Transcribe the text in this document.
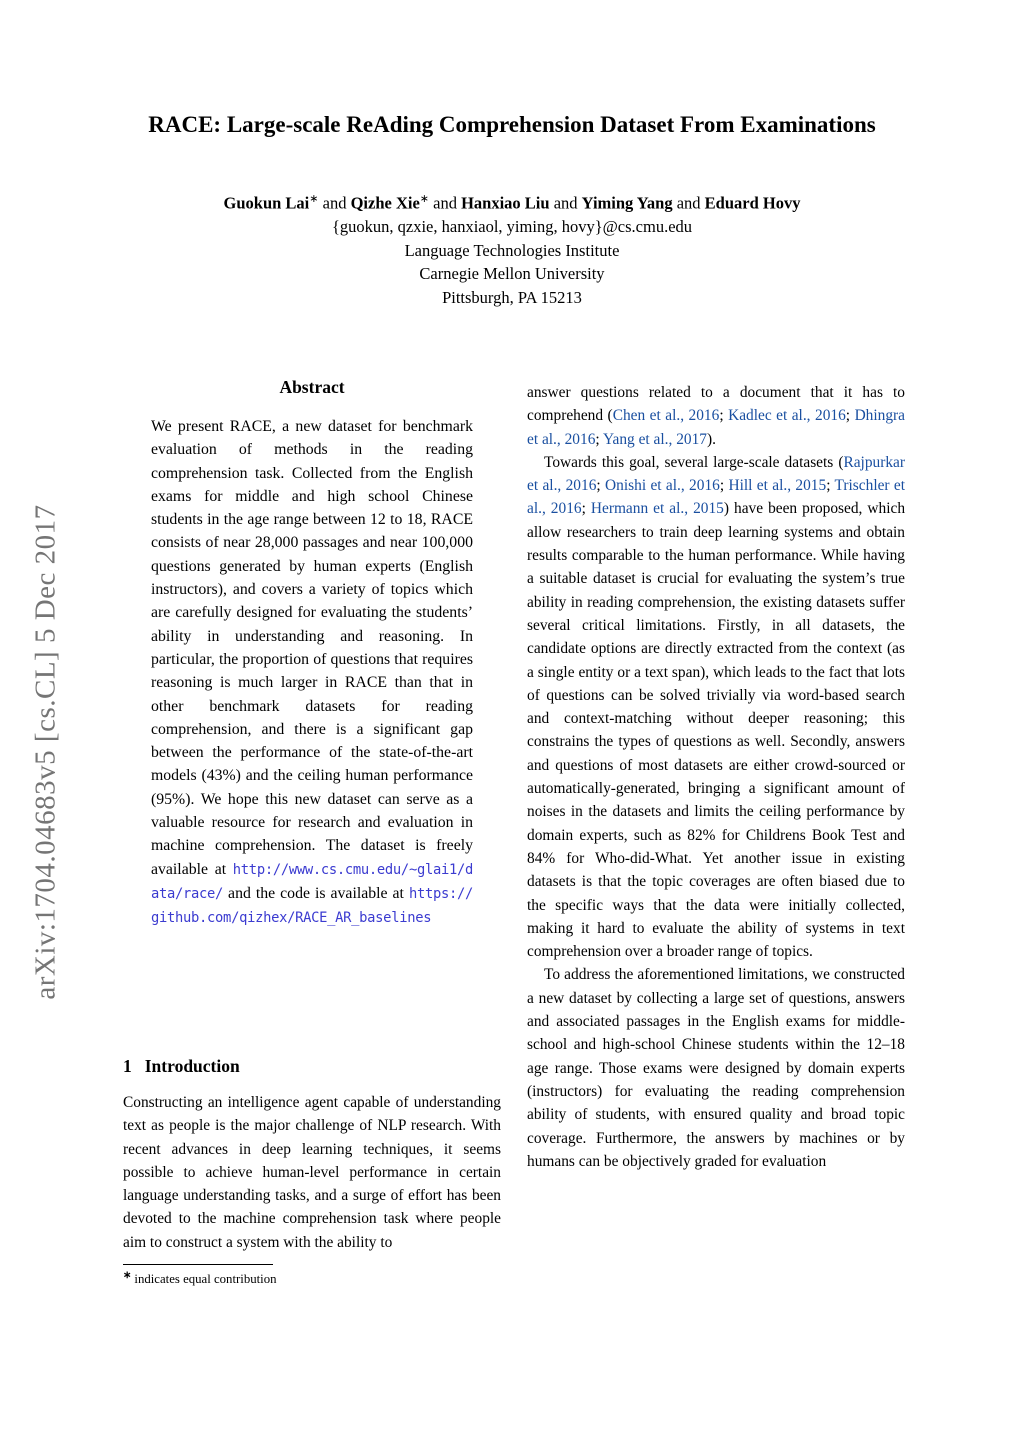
arXiv:1704.04683v5 [cs.CL] 5 Dec 2017
RACE: Large-scale ReAding Comprehension Dataset From Examinations
Guokun Lai∗ and Qizhe Xie∗ and Hanxiao Liu and Yiming Yang and Eduard Hovy
{guokun, qzxie, hanxiaol, yiming, hovy}@cs.cmu.edu
Language Technologies Institute
Carnegie Mellon University
Pittsburgh, PA 15213
Abstract
We present RACE, a new dataset for benchmark evaluation of methods in the reading comprehension task. Collected from the English exams for middle and high school Chinese students in the age range between 12 to 18, RACE consists of near 28,000 passages and near 100,000 questions generated by human experts (English instructors), and covers a variety of topics which are carefully designed for evaluating the students’ ability in understanding and reasoning. In particular, the proportion of questions that requires reasoning is much larger in RACE than that in other benchmark datasets for reading comprehension, and there is a significant gap between the performance of the state-of-the-art models (43%) and the ceiling human performance (95%). We hope this new dataset can serve as a valuable resource for research and evaluation in machine comprehension. The dataset is freely available at http://www.cs.cmu.edu/~glai1/data/race/ and the code is available at https://github.com/qizhex/RACE_AR_baselines
1 Introduction

Constructing an intelligence agent capable of understanding text as people is the major challenge of NLP research. With recent advances in deep learning techniques, it seems possible to achieve human-level performance in certain language understanding tasks, and a surge of effort has been devoted to the machine comprehension task where people aim to construct a system with the ability to

∗ indicates equal contribution

answer questions related to a document that it has to comprehend (Chen et al., 2016; Kadlec et al., 2016; Dhingra et al., 2016; Yang et al., 2017).

Towards this goal, several large-scale datasets (Rajpurkar et al., 2016; Onishi et al., 2016; Hill et al., 2015; Trischler et al., 2016; Hermann et al., 2015) have been proposed, which allow researchers to train deep learning systems and obtain results comparable to the human performance. While having a suitable dataset is crucial for evaluating the system’s true ability in reading comprehension, the existing datasets suffer several critical limitations. Firstly, in all datasets, the candidate options are directly extracted from the context (as a single entity or a text span), which leads to the fact that lots of questions can be solved trivially via word-based search and context-matching without deeper reasoning; this constrains the types of questions as well. Secondly, answers and questions of most datasets are either crowd-sourced or automatically-generated, bringing a significant amount of noises in the datasets and limits the ceiling performance by domain experts, such as 82% for Childrens Book Test and 84% for Who-did-What. Yet another issue in existing datasets is that the topic coverages are often biased due to the specific ways that the data were initially collected, making it hard to evaluate the ability of systems in text comprehension over a broader range of topics.

To address the aforementioned limitations, we constructed a new dataset by collecting a large set of questions, answers and associated passages in the English exams for middle-school and high-school Chinese students within the 12–18 age range. Those exams were designed by domain experts (instructors) for evaluating the reading comprehension ability of students, with ensured quality and broad topic coverage. Furthermore, the answers by machines or by humans can be objectively graded for evaluation
